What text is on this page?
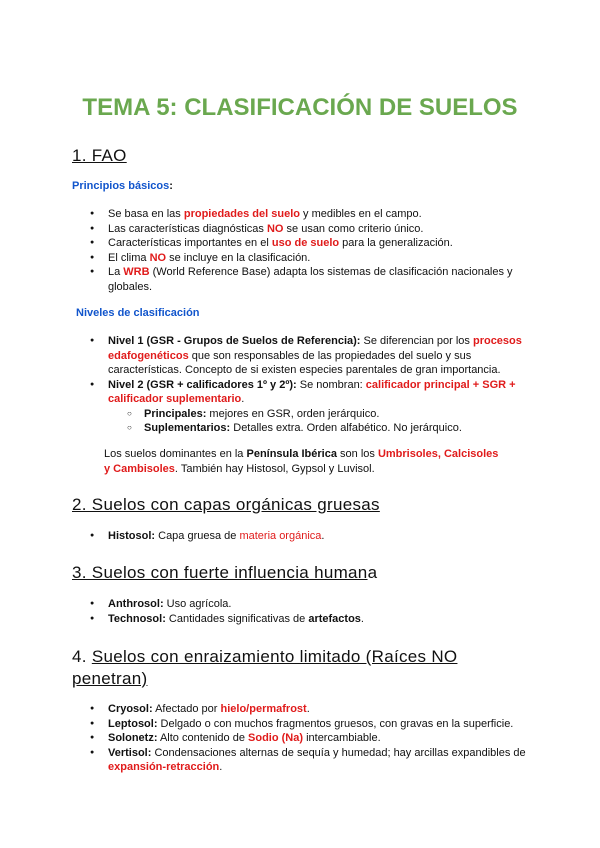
TEMA 5: CLASIFICACIÓN DE SUELOS
1. FAO

Principios básicos:

● Se basa en las propiedades del suelo y medibles en el campo.
● Las características diagnósticas NO se usan como criterio único.
● Características importantes en el uso de suelo para la generalización.
● El clima NO se incluye en la clasificación.
● La WRB (World Reference Base) adapta los sistemas de clasificación nacionales y globales.

Niveles de clasificación

● Nivel 1 (GSR - Grupos de Suelos de Referencia): Se diferencian por los procesos edafogenéticos que son responsables de las propiedades del suelo y sus características. Concepto de si existen especies parentales de gran importancia.
● Nivel 2 (GSR + calificadores 1º y 2º): Se nombran: calificador principal + SGR + calificador suplementario.
○ Principales: mejores en GSR, orden jerárquico.
○ Suplementarios: Detalles extra. Orden alfabético. No jerárquico.

Los suelos dominantes en la Península Ibérica son los Umbrisoles, Calcisoles y Cambisoles. También hay Histosol, Gypsol y Luvisol.

2. Suelos con capas orgánicas gruesas
● Histosol: Capa gruesa de materia orgánica.
3. Suelos con fuerte influencia humana
● Anthrosol: Uso agrícola.
● Technosol: Cantidades significativas de artefactos.
4. Suelos con enraizamiento limitado (Raíces NO penetran)
● Cryosol: Afectado por hielo/permafrost.
● Leptosol: Delgado o con muchos fragmentos gruesos, con gravas en la superficie.
● Solonetz: Alto contenido de Sodio (Na) intercambiable.
● Vertisol: Condensaciones alternas de sequía y humedad; hay arcillas expandibles de expansión-retracción.
